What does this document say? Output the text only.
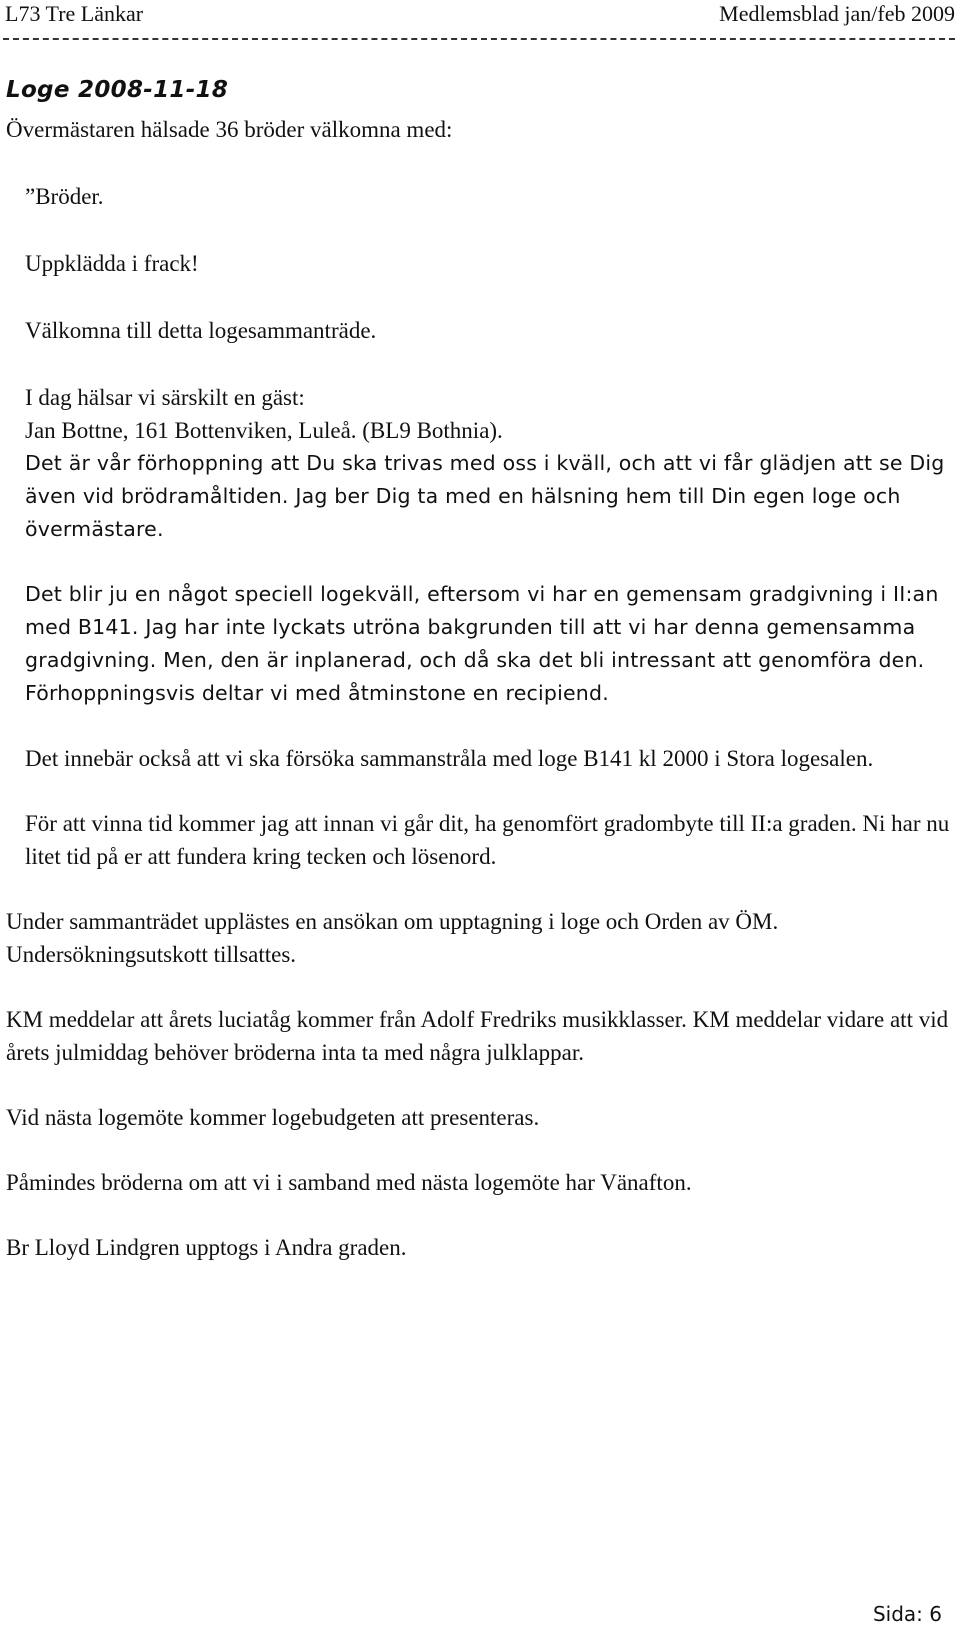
L73 Tre Länkar	Medlemsblad jan/feb 2009
Loge 2008-11-18

Övermästaren hälsade 36 bröder välkomna med:

”Bröder.

Uppklädda i frack!

Välkomna till detta logesammanträde.

I dag hälsar vi särskilt en gäst:

Jan Bottne, 161 Bottenviken, Luleå. (BL9 Bothnia).

Det är vår förhoppning att Du ska trivas med oss i kväll, och att vi får glädjen att se Dig även vid brödramåltiden. Jag ber Dig ta med en hälsning hem till Din egen loge och övermästare.

Det blir ju en något speciell logekväll, eftersom vi har en gemensam gradgivning i II:an med B141. Jag har inte lyckats utröna bakgrunden till att vi har denna gemensamma gradgivning. Men, den är inplanerad, och då ska det bli intressant att genomföra den. Förhoppningsvis deltar vi med åtminstone en recipiend.

Det innebär också att vi ska försöka sammanstråla med loge B141 kl 2000 i Stora logesalen.

För att vinna tid kommer jag att innan vi går dit, ha genomfört gradombyte till II:a graden. Ni har nu litet tid på er att fundera kring tecken och lösenord.

Under sammanträdet upplästes en ansökan om upptagning i loge och Orden av ÖM. Undersökningsutskott tillsattes.

KM meddelar att årets luciatåg kommer från Adolf Fredriks musikklasser. KM meddelar vidare att vid årets julmiddag behöver bröderna inta ta med några julklappar.

Vid nästa logemöte kommer logebudgeten att presenteras.

Påmindes bröderna om att vi i samband med nästa logemöte har Vänafton.

Br Lloyd Lindgren upptogs i Andra graden.

Sida: 6
